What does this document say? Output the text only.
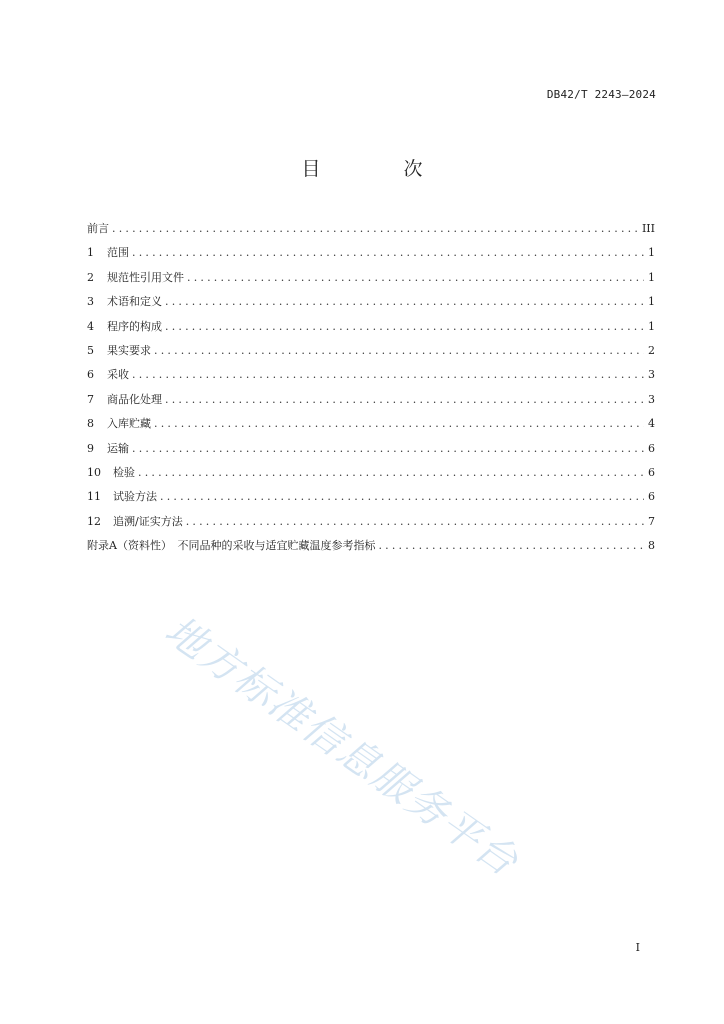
DB42/T 2243—2024
目　次
前言 .....	III
1	范围 .....	1
2	规范性引用文件 .....	1
3	术语和定义 .....	1
4	程序的构成 .....	1
5	果实要求 .....	2
6	采收 .....	3
7	商品化处理 .....	3
8	入库贮藏 .....	4
9	运输 .....	6
10	检验 .....	6
11	试验方法 .....	6
12	追溯/证实方法 .....	7
附录A（资料性）　不同品种的采收与适宜贮藏温度参考指标 .....	8
地方标准信息服务平台
I
